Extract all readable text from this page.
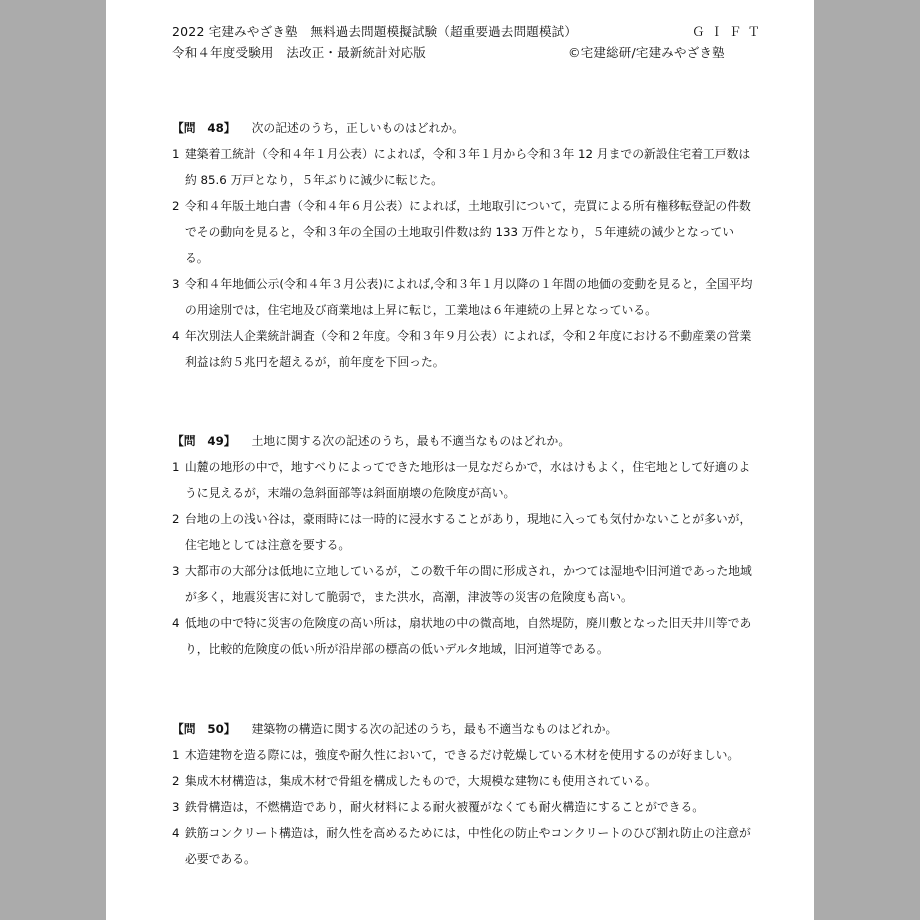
2022 宅建みやざき塾　無料過去問題模擬試験（超重要過去問題模試）	ＧＩＦＴ
令和４年度受験用　法改正・最新統計対応版	©宅建総研/宅建みやざき塾
【問　48】 次の記述のうち，正しいものはどれか。
1 建築着工統計（令和４年１月公表）によれば，令和３年１月から令和３年 12 月までの新設住宅着工戸数は約 85.6 万戸となり，５年ぶりに減少に転じた。
2 令和４年版土地白書（令和４年６月公表）によれば，土地取引について，売買による所有権移転登記の件数でその動向を見ると，令和３年の全国の土地取引件数は約 133 万件となり，５年連続の減少となっている。
3 令和４年地価公示(令和４年３月公表)によれば,令和３年１月以降の１年間の地価の変動を見ると，全国平均の用途別では，住宅地及び商業地は上昇に転じ，工業地は６年連続の上昇となっている。
4 年次別法人企業統計調査（令和２年度。令和３年９月公表）によれば，令和２年度における不動産業の営業利益は約５兆円を超えるが，前年度を下回った。
【問　49】 土地に関する次の記述のうち，最も不適当なものはどれか。
1 山麓の地形の中で，地すべりによってできた地形は一見なだらかで，水はけもよく，住宅地として好適のように見えるが，末端の急斜面部等は斜面崩壊の危険度が高い。
2 台地の上の浅い谷は，豪雨時には一時的に浸水することがあり，現地に入っても気付かないことが多いが，住宅地としては注意を要する。
3 大都市の大部分は低地に立地しているが，この数千年の間に形成され，かつては湿地や旧河道であった地域が多く，地震災害に対して脆弱で，また洪水，高潮，津波等の災害の危険度も高い。
4 低地の中で特に災害の危険度の高い所は，扇状地の中の微高地，自然堤防，廃川敷となった旧天井川等であり，比較的危険度の低い所が沿岸部の標高の低いデルタ地域，旧河道等である。
【問　50】 建築物の構造に関する次の記述のうち，最も不適当なものはどれか。
1 木造建物を造る際には，強度や耐久性において，できるだけ乾燥している木材を使用するのが好ましい。
2 集成木材構造は，集成木材で骨組を構成したもので，大規模な建物にも使用されている。
3 鉄骨構造は，不燃構造であり，耐火材料による耐火被覆がなくても耐火構造にすることができる。
4 鉄筋コンクリート構造は，耐久性を高めるためには，中性化の防止やコンクリートのひび割れ防止の注意が必要である。
